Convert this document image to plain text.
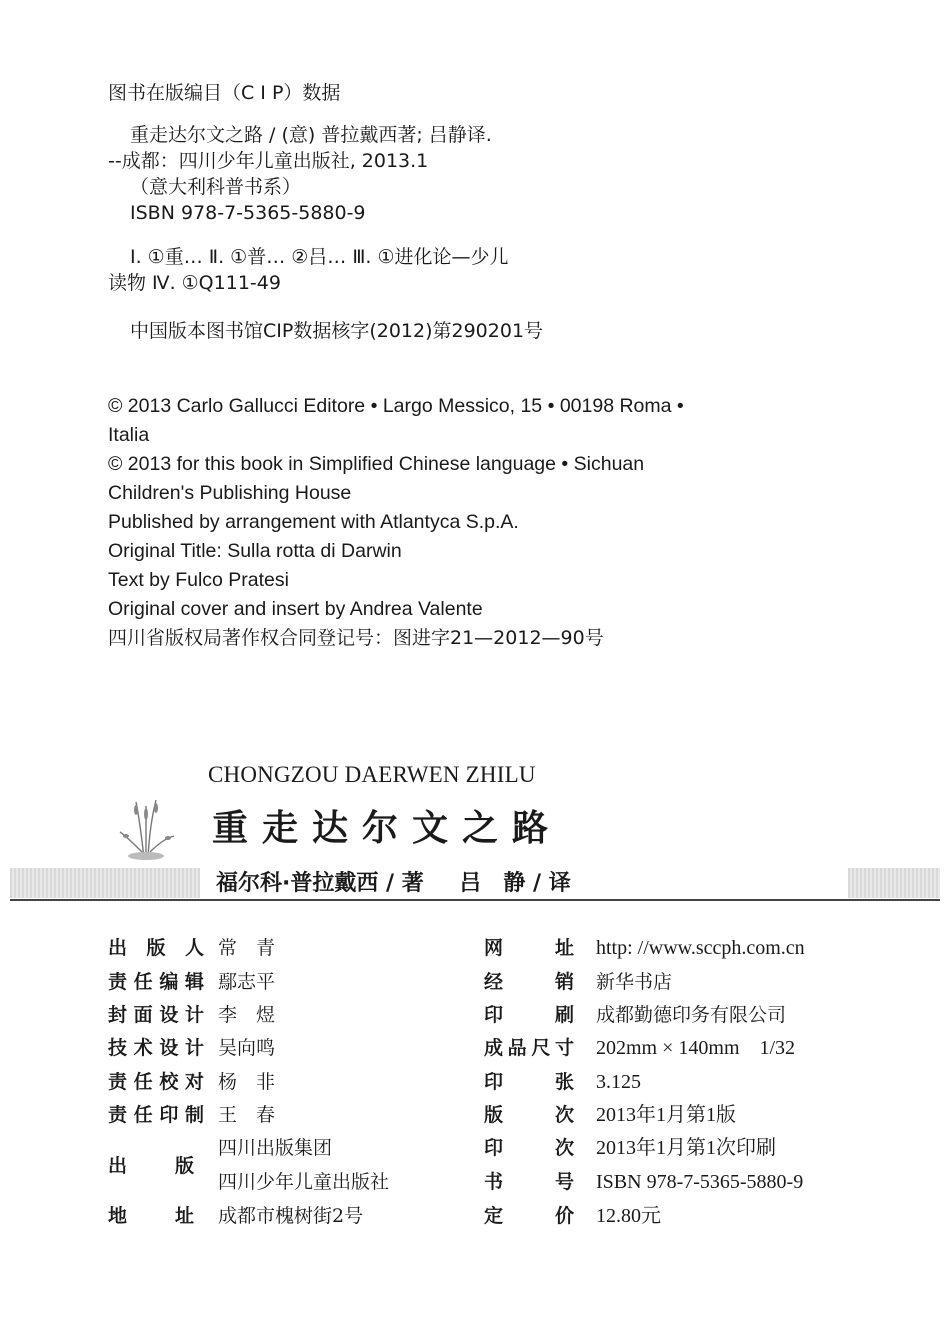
图书在版编目（C I P）数据
重走达尔文之路 / (意) 普拉戴西著; 吕静译.
--成都：四川少年儿童出版社, 2013.1
（意大利科普书系）
ISBN 978-7-5365-5880-9
Ⅰ. ①重… Ⅱ. ①普… ②吕… Ⅲ. ①进化论—少儿
读物 Ⅳ. ①Q111-49
中国版本图书馆CIP数据核字(2012)第290201号
© 2013 Carlo Gallucci Editore • Largo Messico, 15 • 00198 Roma •
Italia
© 2013 for this book in Simplified Chinese language • Sichuan
Children's Publishing House
Published by arrangement with Atlantyca S.p.A.
Original Title: Sulla rotta di Darwin
Text by Fulco Pratesi
Original cover and insert by Andrea Valente
四川省版权局著作权合同登记号：图进字21—2012—90号
CHONGZOU DAERWEN ZHILU
重走达尔文之路
福尔科·普拉戴西 / 著 吕　静 / 译
出版人 常　青
责任编辑 鄢志平
封面设计 李　煜
技术设计 吴向鸣
责任校对 杨　非
责任印制 王　春
出版
四川出版集团
四川少年儿童出版社
地址 成都市槐树街2号
网址 http: //www.sccph.com.cn
经销 新华书店
印刷 成都勤德印务有限公司
成品尺寸 202mm × 140mm　1/32
印张 3.125
版次 2013年1月第1版
印次 2013年1月第1次印刷
书号 ISBN 978-7-5365-5880-9
定价 12.80元
